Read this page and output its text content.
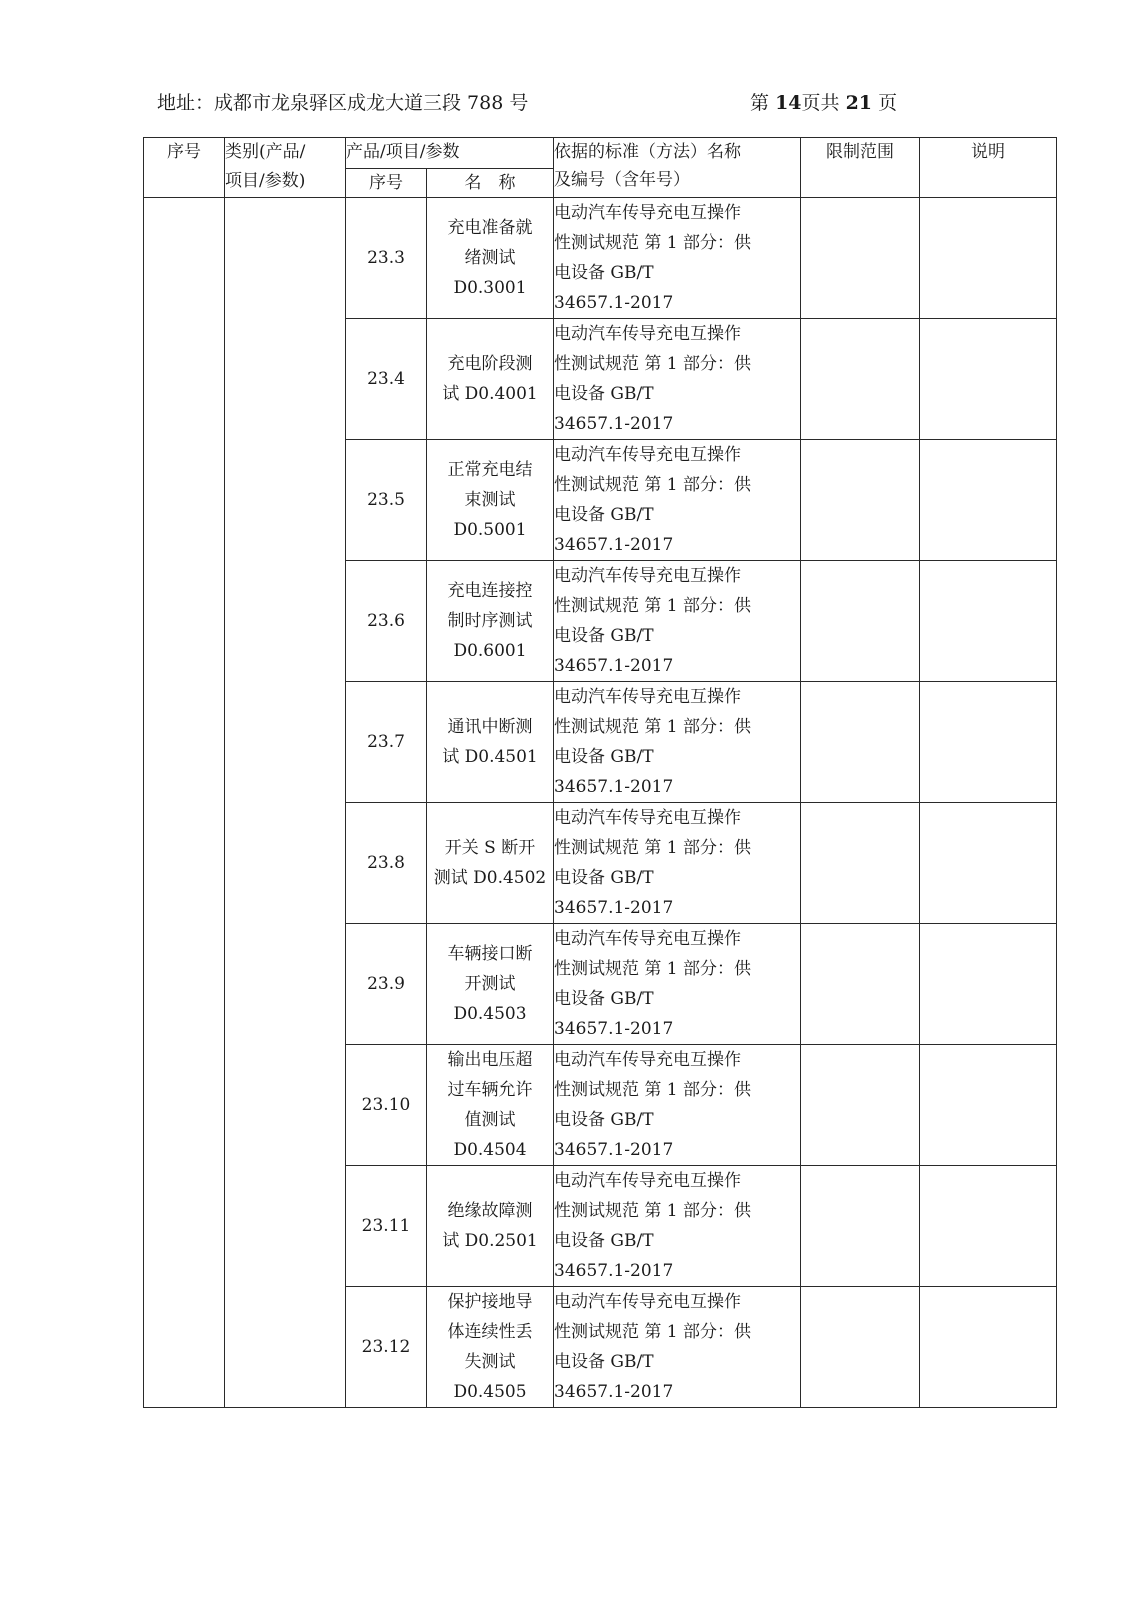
地址：成都市龙泉驿区成龙大道三段 788 号	第 14页共 21 页
序号	类别(产品/
项目/参数)	产品/项目/参数		依据的标准（方法）名称
及编号（含年号）	限制范围	说明
		序号	名　称			
		23.3	充电准备就
绪测试
D0.3001	电动汽车传导充电互操作
性测试规范 第 1 部分：供
电设备 GB/T
34657.1-2017		

		23.4	充电阶段测
试 D0.4001	电动汽车传导充电互操作
性测试规范 第 1 部分：供
电设备 GB/T
34657.1-2017		

		23.5	正常充电结
束测试
D0.5001	电动汽车传导充电互操作
性测试规范 第 1 部分：供
电设备 GB/T
34657.1-2017		

		23.6	充电连接控
制时序测试
D0.6001	电动汽车传导充电互操作
性测试规范 第 1 部分：供
电设备 GB/T
34657.1-2017		

		23.7	通讯中断测
试 D0.4501	电动汽车传导充电互操作
性测试规范 第 1 部分：供
电设备 GB/T
34657.1-2017		

		23.8	开关 S 断开
测试 D0.4502	电动汽车传导充电互操作
性测试规范 第 1 部分：供
电设备 GB/T
34657.1-2017		

		23.9	车辆接口断
开测试
D0.4503	电动汽车传导充电互操作
性测试规范 第 1 部分：供
电设备 GB/T
34657.1-2017		

		23.10	输出电压超
过车辆允许
值测试
D0.4504	电动汽车传导充电互操作
性测试规范 第 1 部分：供
电设备 GB/T
34657.1-2017		

		23.11	绝缘故障测
试 D0.2501	电动汽车传导充电互操作
性测试规范 第 1 部分：供
电设备 GB/T
34657.1-2017		

		23.12	保护接地导
体连续性丢
失测试
D0.4505	电动汽车传导充电互操作
性测试规范 第 1 部分：供
电设备 GB/T
34657.1-2017		
